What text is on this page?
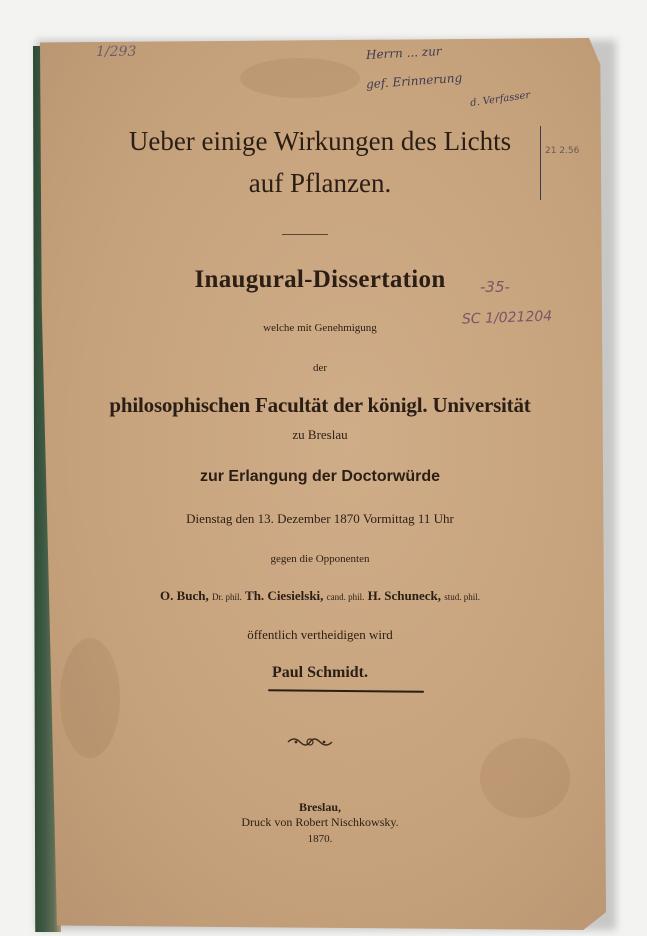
1/293	Herrn ... zur
gef. Erinnerung
d. Verfasser
21 2.56
-35-
SC 1/021204
Ueber einige Wirkungen des Lichts
auf Pflanzen.
Inaugural-Dissertation
welche mit Genehmigung
der
philosophischen Facultät der königl. Universität
zu Breslau
zur Erlangung der Doctorwürde
Dienstag den 13. Dezember 1870 Vormittag 11 Uhr
gegen die Opponenten
O. Buch, Dr. phil. Th. Ciesielski, cand. phil. H. Schuneck, stud. phil.
öffentlich vertheidigen wird
Paul Schmidt.
Breslau,
Druck von Robert Nischkowsky.
1870.
